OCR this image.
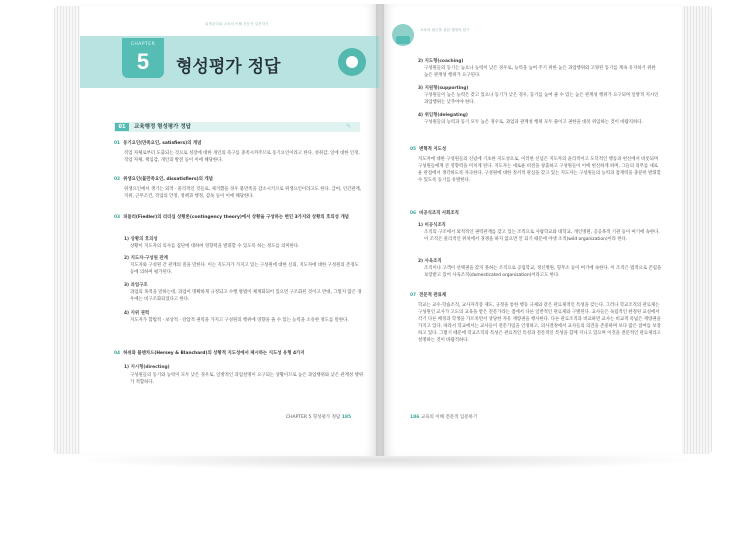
위생관리와 교육의 이해 전문적 입문하기
CHAPTER
5	형성평가 정답
01	교육행정 형성평가 정답	✎
01 동기요인(만족요인, satisfiers)의 개념
직업 자체로부터 도출되는 것으로 성장에 대한 개인의 욕구를 충족시켜주므로 동기요인이라고 한다. 성취감, 일에 대한 인정, 직업 자체, 책임감, 개인의 발전 등이 이에 해당한다.
02 위생요인(불만족요인, dissatisfiers)의 개념
위생요인에서 생기는 외적 · 물리적인 것들로, 제거했을 경우 불만족을 감소시키므로 위생요인이라고도 한다. 급여, 인간관계, 지위, 근무조건, 직업의 안정, 정책과 행정, 감독 등이 이에 해당한다.
03 피들러(Fiedler)의 리더십 상황론(contingency theory)에서 상황을 구성하는 변인 3가지와 상황의 호의성 개념
1) 상황의 호의성
상황이 지도자의 의사를 집단에 대하여 영향력을 발휘할 수 있도록 하는 정도를 의미한다.
2) 지도자-구성원 관계
지도자와 구성원 간 관계의 질을 말한다. 이는 지도자가 가지고 있는 구성원에 대한 신뢰, 지도자에 대한 구성원의 존경도 등에 의하여 평가된다.
3) 과업구조
과업의 목적을 말하는데, 과업이 명확하게 규정되고 수행 방법이 체계화되어 있으면 구조화된 것이고 반대, 그렇지 않은 경우에는 비구조화되었다고 한다.
4) 지위 권력
지도자가 합법적 · 보상적 · 강압적 권력을 가지고 구성원의 행위에 영향을 줄 수 있는 능력을 소유한 정도를 말한다.
04 허쉬와 블랜차드(Hersey & Blanchard)의 상황적 지도성에서 제시하는 지도성 유형 4가지
1) 지시형(directing)
구성원들의 동기와 능력이 모두 낮은 경우로, 일방적인 과업설명이 요구되는 상황이므로 높은 과업행위와 낮은 관계성 행위가 적합하다.
CHAPTER 5 형성평가 정답 185
교육의 접근을 위한 행정의 탐구
2) 지도형(coaching)
구성원들의 동기는 높으나 능력이 낮은 경우로, 능력을 높여 주기 위한 높은 과업행위와 고양된 동기를 계속 유지하기 위한 높은 관계성 행위가 요구된다.
3) 지원형(supporting)
구성원들이 높은 능력은 갖고 있으나 동기가 낮은 경우, 동기를 높여 줄 수 있는 높은 관계성 행위가 요구되며 일방적 지시인 과업행위는 낮추어야 한다.
4) 위임형(delegating)
구성원들의 능력과 동기 모두 높은 경우로, 과업과 관계성 행위 모두 줄이고 권한을 대폭 위임하는 것이 바람직하다.
05 변혁적 지도성
지도자에 대한 구성원들의 신념에 기초한 지도성으로, 이러한 신념은 지도자의 윤리적이고 도덕적인 행동과 헌신에서 비롯되며 구성원들에게 큰 영향력을 미치게 된다. 지도자는 새로운 비전을 창출하고 구성원들이 이에 헌신하게 하며, 그들의 의무를 새로운 관점에서 생각하도록 자극한다. 구성원에 대한 정서적 관심을 갖고 있는 지도자는 구성원들의 능력과 잠재력을 충분히 발휘할 수 있도록 동기를 유발한다.
06 비공식조직 사회조직
1) 비공식조직
조직의 구조에서 외적적인 권력관계를 갖고 있는 조직으로 사람학교와 대학교, 개인병원, 공공목적 기관 등이 여기에 속한다. 이 조직은 물리적인 위치에서 경쟁을 하지 않으면 안 되기 때문에 야생 조직(wild organization)이라 한다.
2) 사육조직
조직이나 고객이 선택권을 갖지 못하는 조직으로 공립학교, 정신병원, 형무소 등이 여기에 속한다. 이 조직은 법적으로 존립을 보장받고 있어 사육조직(domesticated organization)이라고도 한다.
07 전문적 관료제
학교는 교수·학습조직, 교사자격증 제도, 규정을 통한 행동 규제와 같은 관료제적인 특성을 갖는다. 그러나 학교조직의 관료제는 구성원인 교사가 고도의 교육을 받은 전문가라는 점에서 다른 일반적인 관료제와 구별된다. 교사들은 독립적인 한정된 교실에서 각기 다른 배경과 학생을 가르치면서 상당한 자유 재량권을 행사한다. 다른 관료조직과 비교하면 교사는 비교적 폭넓은 재량권을 가지고 있다. 따라서 학교에서는 교사들이 전문가임을 인정하고, 의사결정에서 교사들의 의견을 존중하며 보다 많은 참여를 보장하고 있다. 그렇기 때문에 학교조직의 특성은 관료적인 특성과 전문적인 특성을 함께 지니고 있으며 이것을 전문적인 관료제라고 설명하는 것이 바람직하다.
186 교육의 이해 전문적 입문하기
